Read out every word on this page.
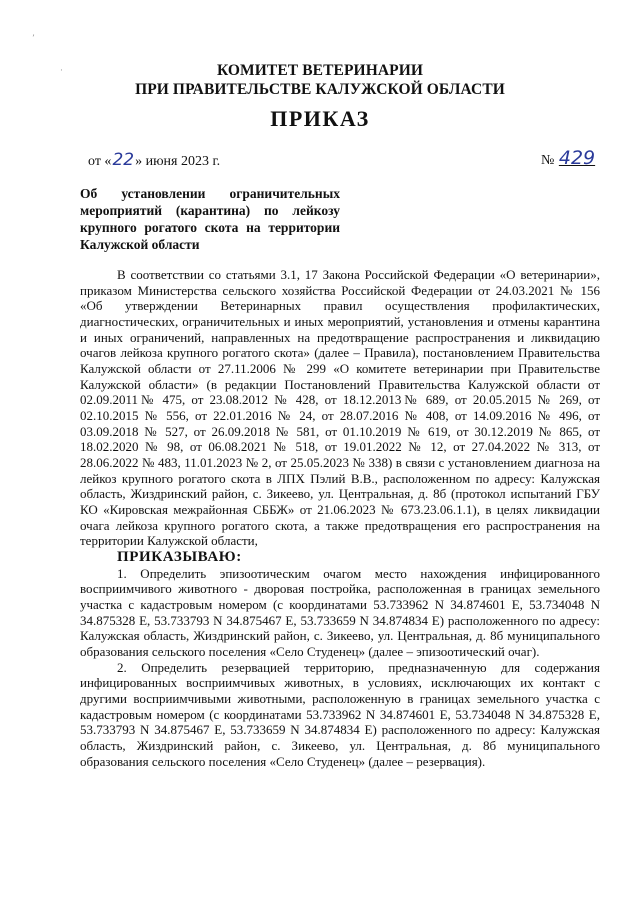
’
·	КОМИТЕТ ВЕТЕРИНАРИИ
ПРИ ПРАВИТЕЛЬСТВЕ КАЛУЖСКОЙ ОБЛАСТИ
ПРИКАЗ
от «22» июня 2023 г.	№ 429
Об установлении ограничительных мероприятий (карантина) по лейкозу крупного рогатого скота на территории Калужской области

В соответствии со статьями 3.1, 17 Закона Российской Федерации «О ветеринарии», приказом Министерства сельского хозяйства Российской Федерации от 24.03.2021 № 156 «Об утверждении Ветеринарных правил осуществления профилактических, диагностических, ограничительных и иных мероприятий, установления и отмены карантина и иных ограничений, направленных на предотвращение распространения и ликвидацию очагов лейкоза крупного рогатого скота» (далее – Правила), постановлением Правительства Калужской области от 27.11.2006 № 299 «О комитете ветеринарии при Правительстве Калужской области» (в редакции Постановлений Правительства Калужской области от 02.09.2011№ 475, от 23.08.2012 № 428, от 18.12.2013№ 689, от 20.05.2015 № 269, от 02.10.2015 № 556, от 22.01.2016 № 24, от 28.07.2016 № 408, от 14.09.2016 № 496, от 03.09.2018 № 527, от 26.09.2018 № 581, от 01.10.2019 № 619, от 30.12.2019 № 865, от 18.02.2020 № 98, от 06.08.2021 № 518, от 19.01.2022 № 12, от 27.04.2022 № 313, от 28.06.2022 № 483, 11.01.2023 № 2, от 25.05.2023 № 338) в связи с установлением диагноза на лейкоз крупного рогатого скота в ЛПХ Пэлий В.В., расположенном по адресу: Калужская область, Жиздринский район, с. Зикеево, ул. Центральная, д. 8б (протокол испытаний ГБУ КО «Кировская межрайонная СББЖ» от 21.06.2023 № 673.23.06.1.1), в целях ликвидации очага лейкоза крупного рогатого скота, а также предотвращения его распространения на территории Калужской области,

ПРИКАЗЫВАЮ:

1. Определить эпизоотическим очагом место нахождения инфицированного восприимчивого животного - дворовая постройка, расположенная в границах земельного участка с кадастровым номером (с координатами 53.733962 N 34.874601 E, 53.734048 N 34.875328 E, 53.733793 N 34.875467 E, 53.733659 N 34.874834 E) расположенного по адресу: Калужская область, Жиздринский район, с. Зикеево, ул. Центральная, д. 8б муниципального образования сельского поселения «Село Студенец» (далее – эпизоотический очаг).

2. Определить резервацией территорию, предназначенную для содержания инфицированных восприимчивых животных, в условиях, исключающих их контакт с другими восприимчивыми животными, расположенную в границах земельного участка с кадастровым номером (с координатами 53.733962 N 34.874601 E, 53.734048 N 34.875328 E, 53.733793 N 34.875467 E, 53.733659 N 34.874834 E) расположенного по адресу: Калужская область, Жиздринский район, с. Зикеево, ул. Центральная, д. 8б муниципального образования сельского поселения «Село Студенец» (далее – резервация).
